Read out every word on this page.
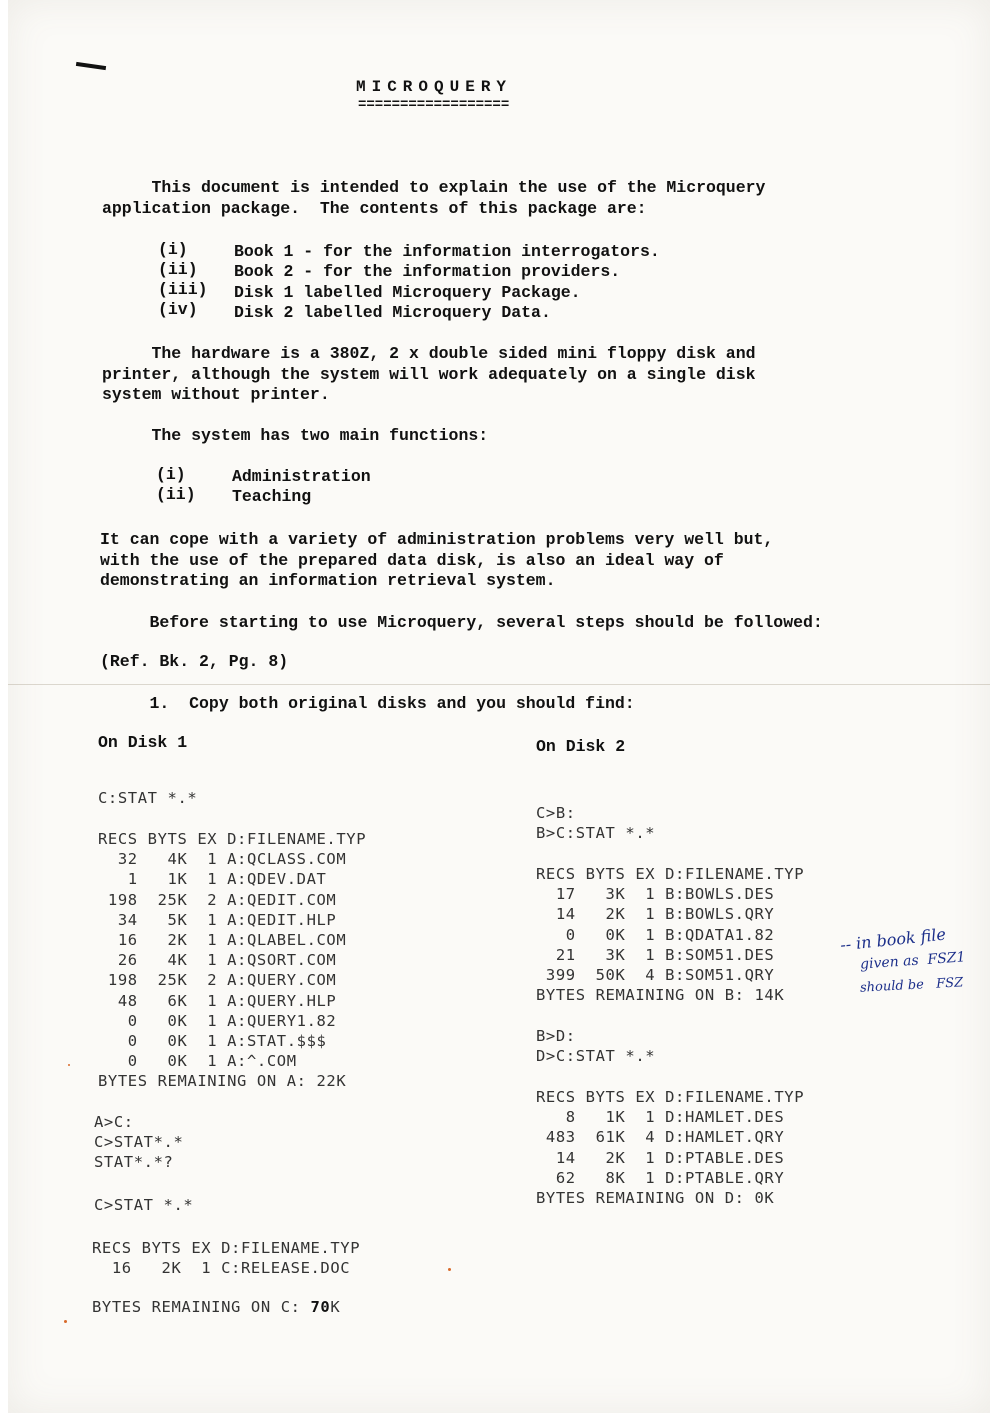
MICROQUERY
==================
This document is intended to explain the use of the Microquery
application package.  The contents of this package are:
(i)	Book 1 - for the information interrogators.
(ii) Book 2 - for the information providers.
(iii) Disk 1 labelled Microquery Package.
(iv) Disk 2 labelled Microquery Data.
The hardware is a 380Z, 2 x double sided mini floppy disk and
printer, although the system will work adequately on a single disk
system without printer.
The system has two main functions:
(i)	Administration
(ii) Teaching
It can cope with a variety of administration problems very well but,
with the use of the prepared data disk, is also an ideal way of
demonstrating an information retrieval system.
Before starting to use Microquery, several steps should be followed:
(Ref. Bk. 2, Pg. 8)
1.  Copy both original disks and you should find:
On Disk 1
C:STAT *.*
RECS BYTS EX D:FILENAME.TYP
32   4K  1 A:QCLASS.COM
1   1K  1 A:QDEV.DAT
198  25K  2 A:QEDIT.COM
34   5K  1 A:QEDIT.HLP
16   2K  1 A:QLABEL.COM
26   4K  1 A:QSORT.COM
198  25K  2 A:QUERY.COM
48   6K  1 A:QUERY.HLP
0   0K  1 A:QUERY1.82
0   0K  1 A:STAT.$$$
0   0K  1 A:^.COM
BYTES REMAINING ON A: 22K
A>C:
C>STAT*.*
STAT*.*?
C>STAT *.*
RECS BYTS EX D:FILENAME.TYP
16   2K  1 C:RELEASE.DOC
BYTES REMAINING ON C: 70K
On Disk 2
C>B:
B>C:STAT *.*
RECS BYTS EX D:FILENAME.TYP
17   3K  1 B:BOWLS.DES
14   2K  1 B:BOWLS.QRY
0   0K  1 B:QDATA1.82
21   3K  1 B:SOM51.DES
399  50K  4 B:SOM51.QRY
BYTES REMAINING ON B: 14K
B>D:
D>C:STAT *.*
RECS BYTS EX D:FILENAME.TYP
8   1K  1 D:HAMLET.DES
483  61K  4 D:HAMLET.QRY
14   2K  1 D:PTABLE.DES
62   8K  1 D:PTABLE.QRY
BYTES REMAINING ON D: 0K
-- in book file
given as  FSZ1
should be   FSZ
